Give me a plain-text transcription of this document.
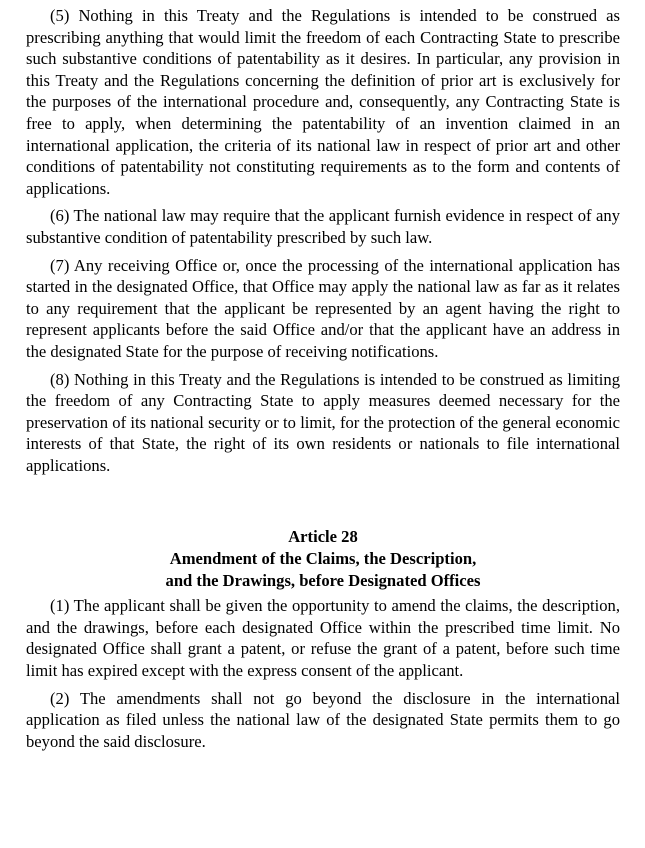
(5) Nothing in this Treaty and the Regulations is intended to be construed as prescribing anything that would limit the freedom of each Contracting State to prescribe such substantive conditions of patentability as it desires. In particular, any provision in this Treaty and the Regulations concerning the definition of prior art is exclusively for the purposes of the international procedure and, consequently, any Contracting State is free to apply, when determining the patentability of an invention claimed in an international application, the criteria of its national law in respect of prior art and other conditions of patentability not constituting requirements as to the form and contents of applications.

(6) The national law may require that the applicant furnish evidence in respect of any substantive condition of patentability prescribed by such law.

(7) Any receiving Office or, once the processing of the international application has started in the designated Office, that Office may apply the national law as far as it relates to any requirement that the applicant be represented by an agent having the right to represent applicants before the said Office and/or that the applicant have an address in the designated State for the purpose of receiving notifications.

(8) Nothing in this Treaty and the Regulations is intended to be construed as limiting the freedom of any Contracting State to apply measures deemed necessary for the preservation of its national security or to limit, for the protection of the general economic interests of that State, the right of its own residents or nationals to file international applications.

Article 28
Amendment of the Claims, the Description,
and the Drawings, before Designated Offices

(1) The applicant shall be given the opportunity to amend the claims, the description, and the drawings, before each designated Office within the prescribed time limit. No designated Office shall grant a patent, or refuse the grant of a patent, before such time limit has expired except with the express consent of the applicant.

(2) The amendments shall not go beyond the disclosure in the international application as filed unless the national law of the designated State permits them to go beyond the said disclosure.
